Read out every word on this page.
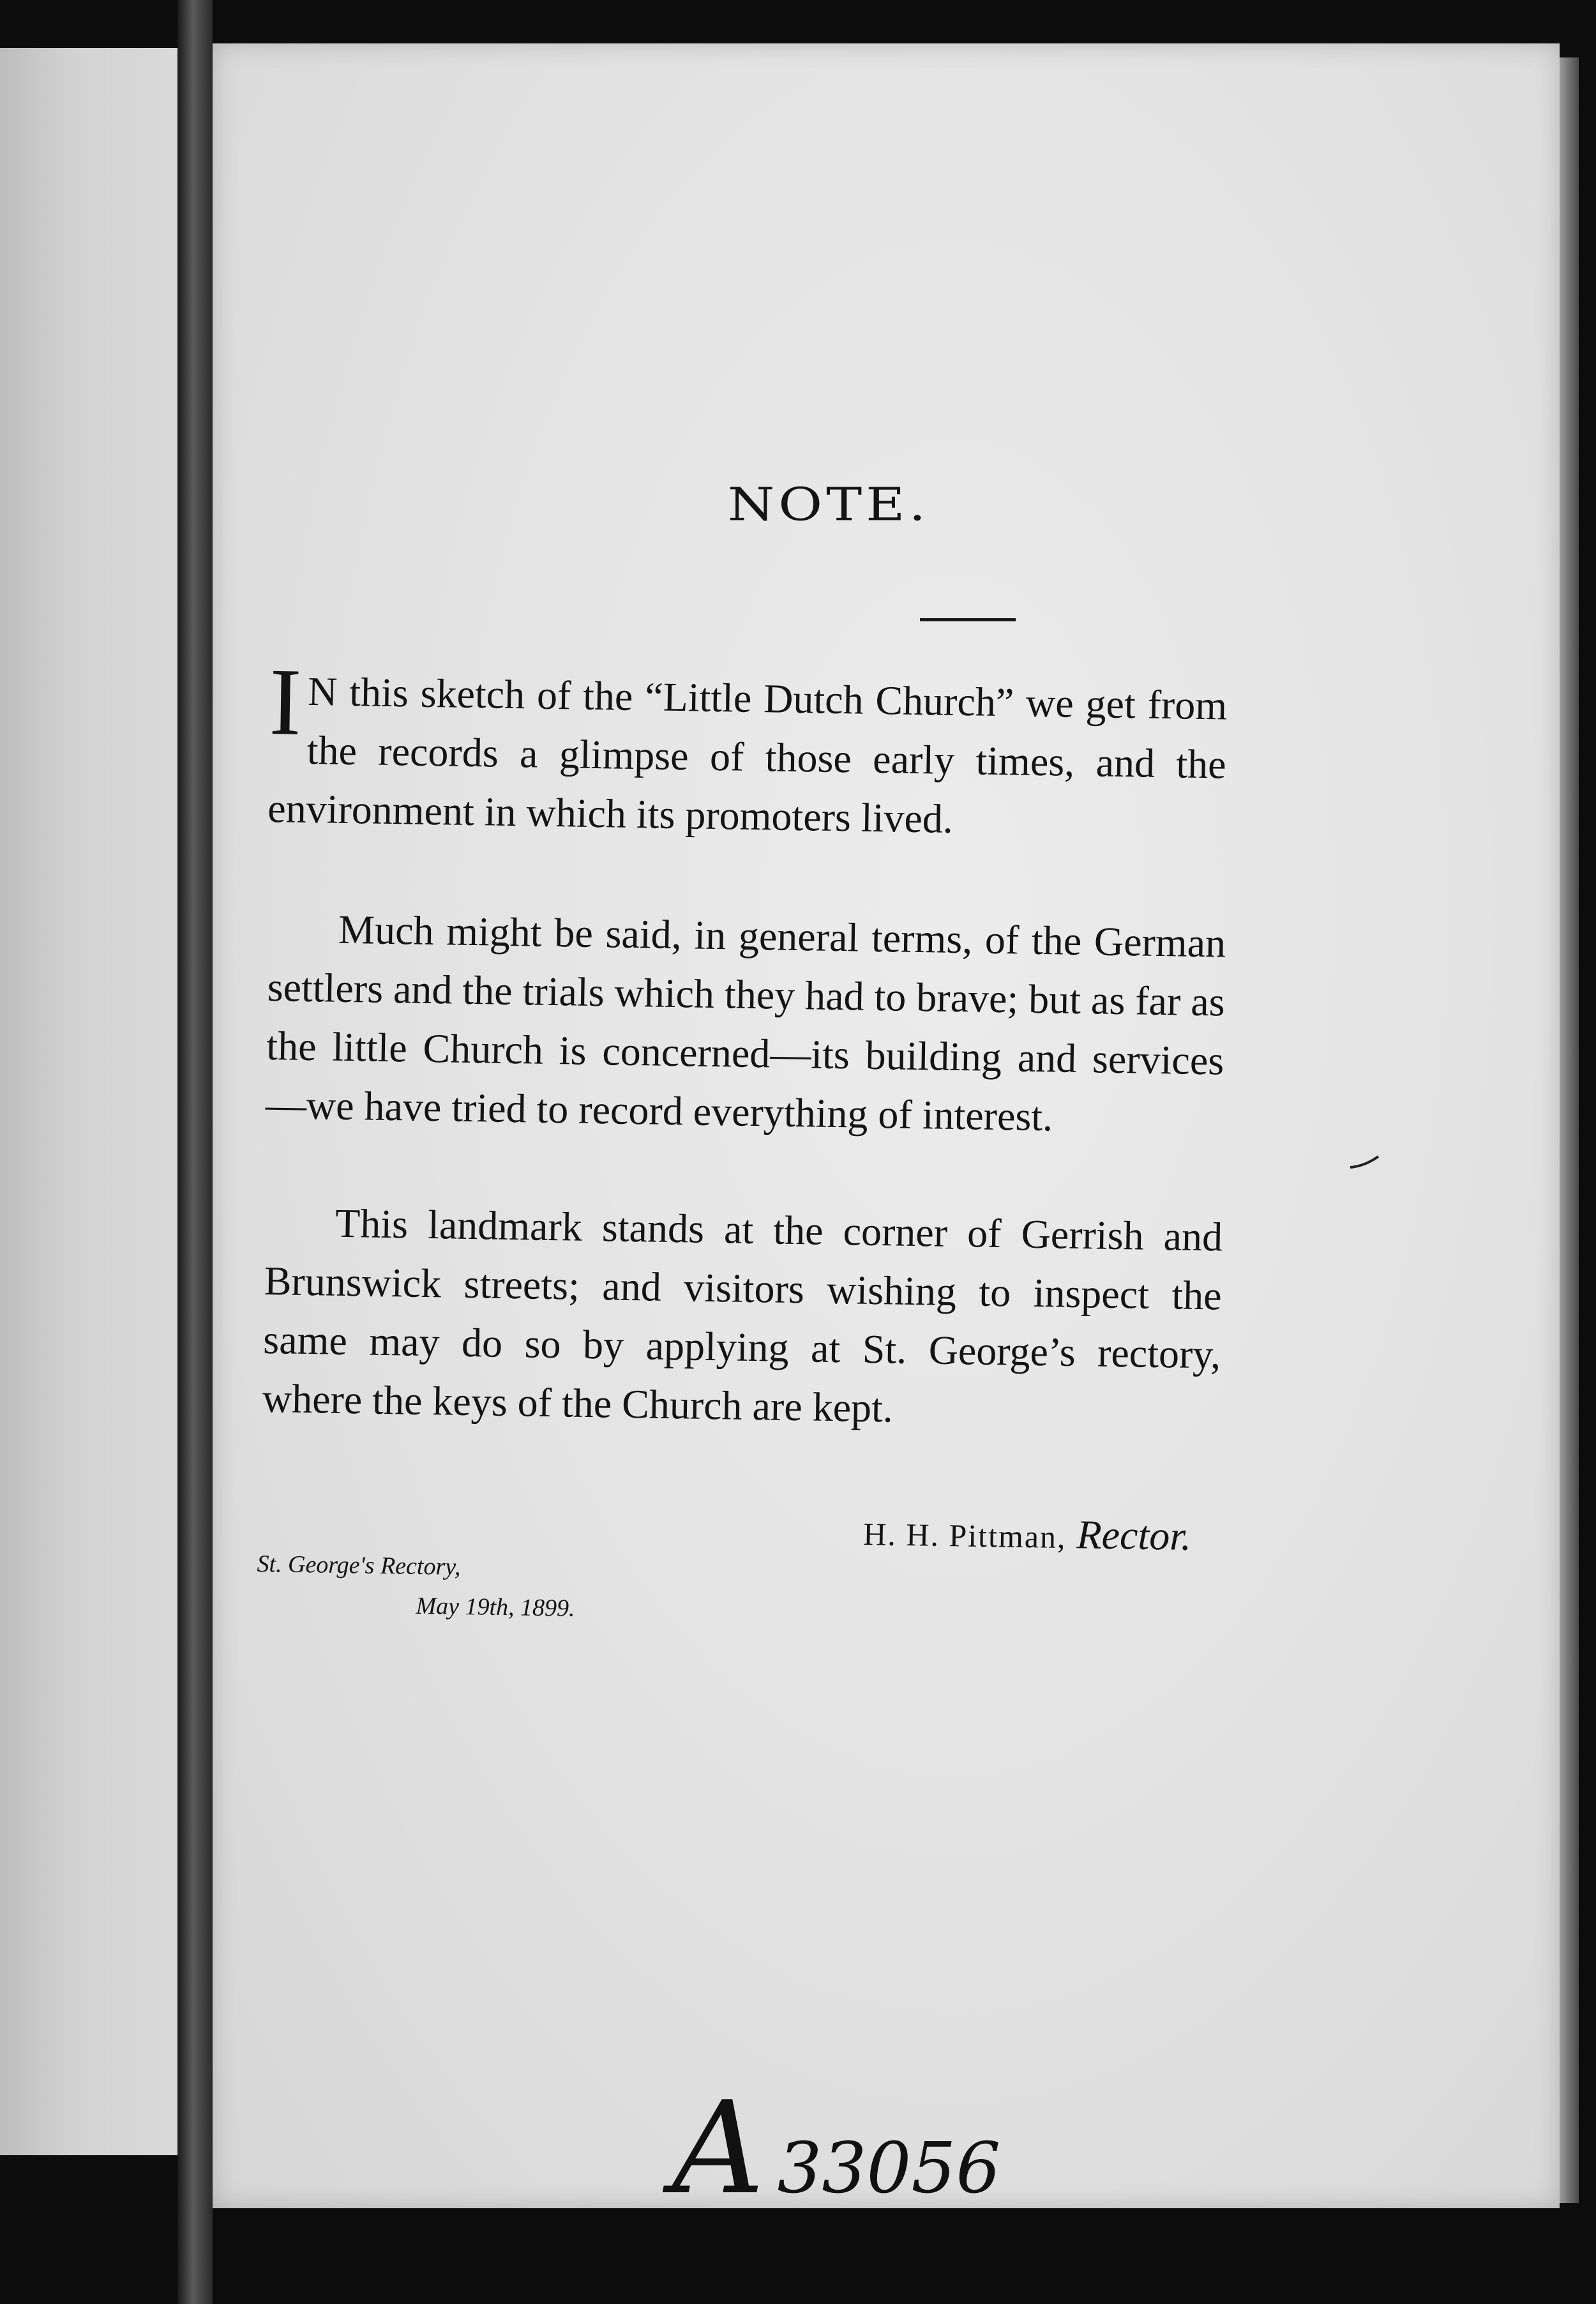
NOTE.

I N this sketch of the “Little Dutch Church” we get from the records a glimpse of those early times, and the environment in which its promoters lived.

Much might be said, in general terms, of the German settlers and the trials which they had to brave; but as far as the little Church is concerned—its building and services—we have tried to record everything of interest.

This landmark stands at the corner of Gerrish and Brunswick streets; and visitors wishing to inspect the same may do so by applying at St. George’s rectory, where the keys of the Church are kept.

H. H. Pittman, Rector.
St. George's Rectory,
May 19th, 1899.
A 33056
